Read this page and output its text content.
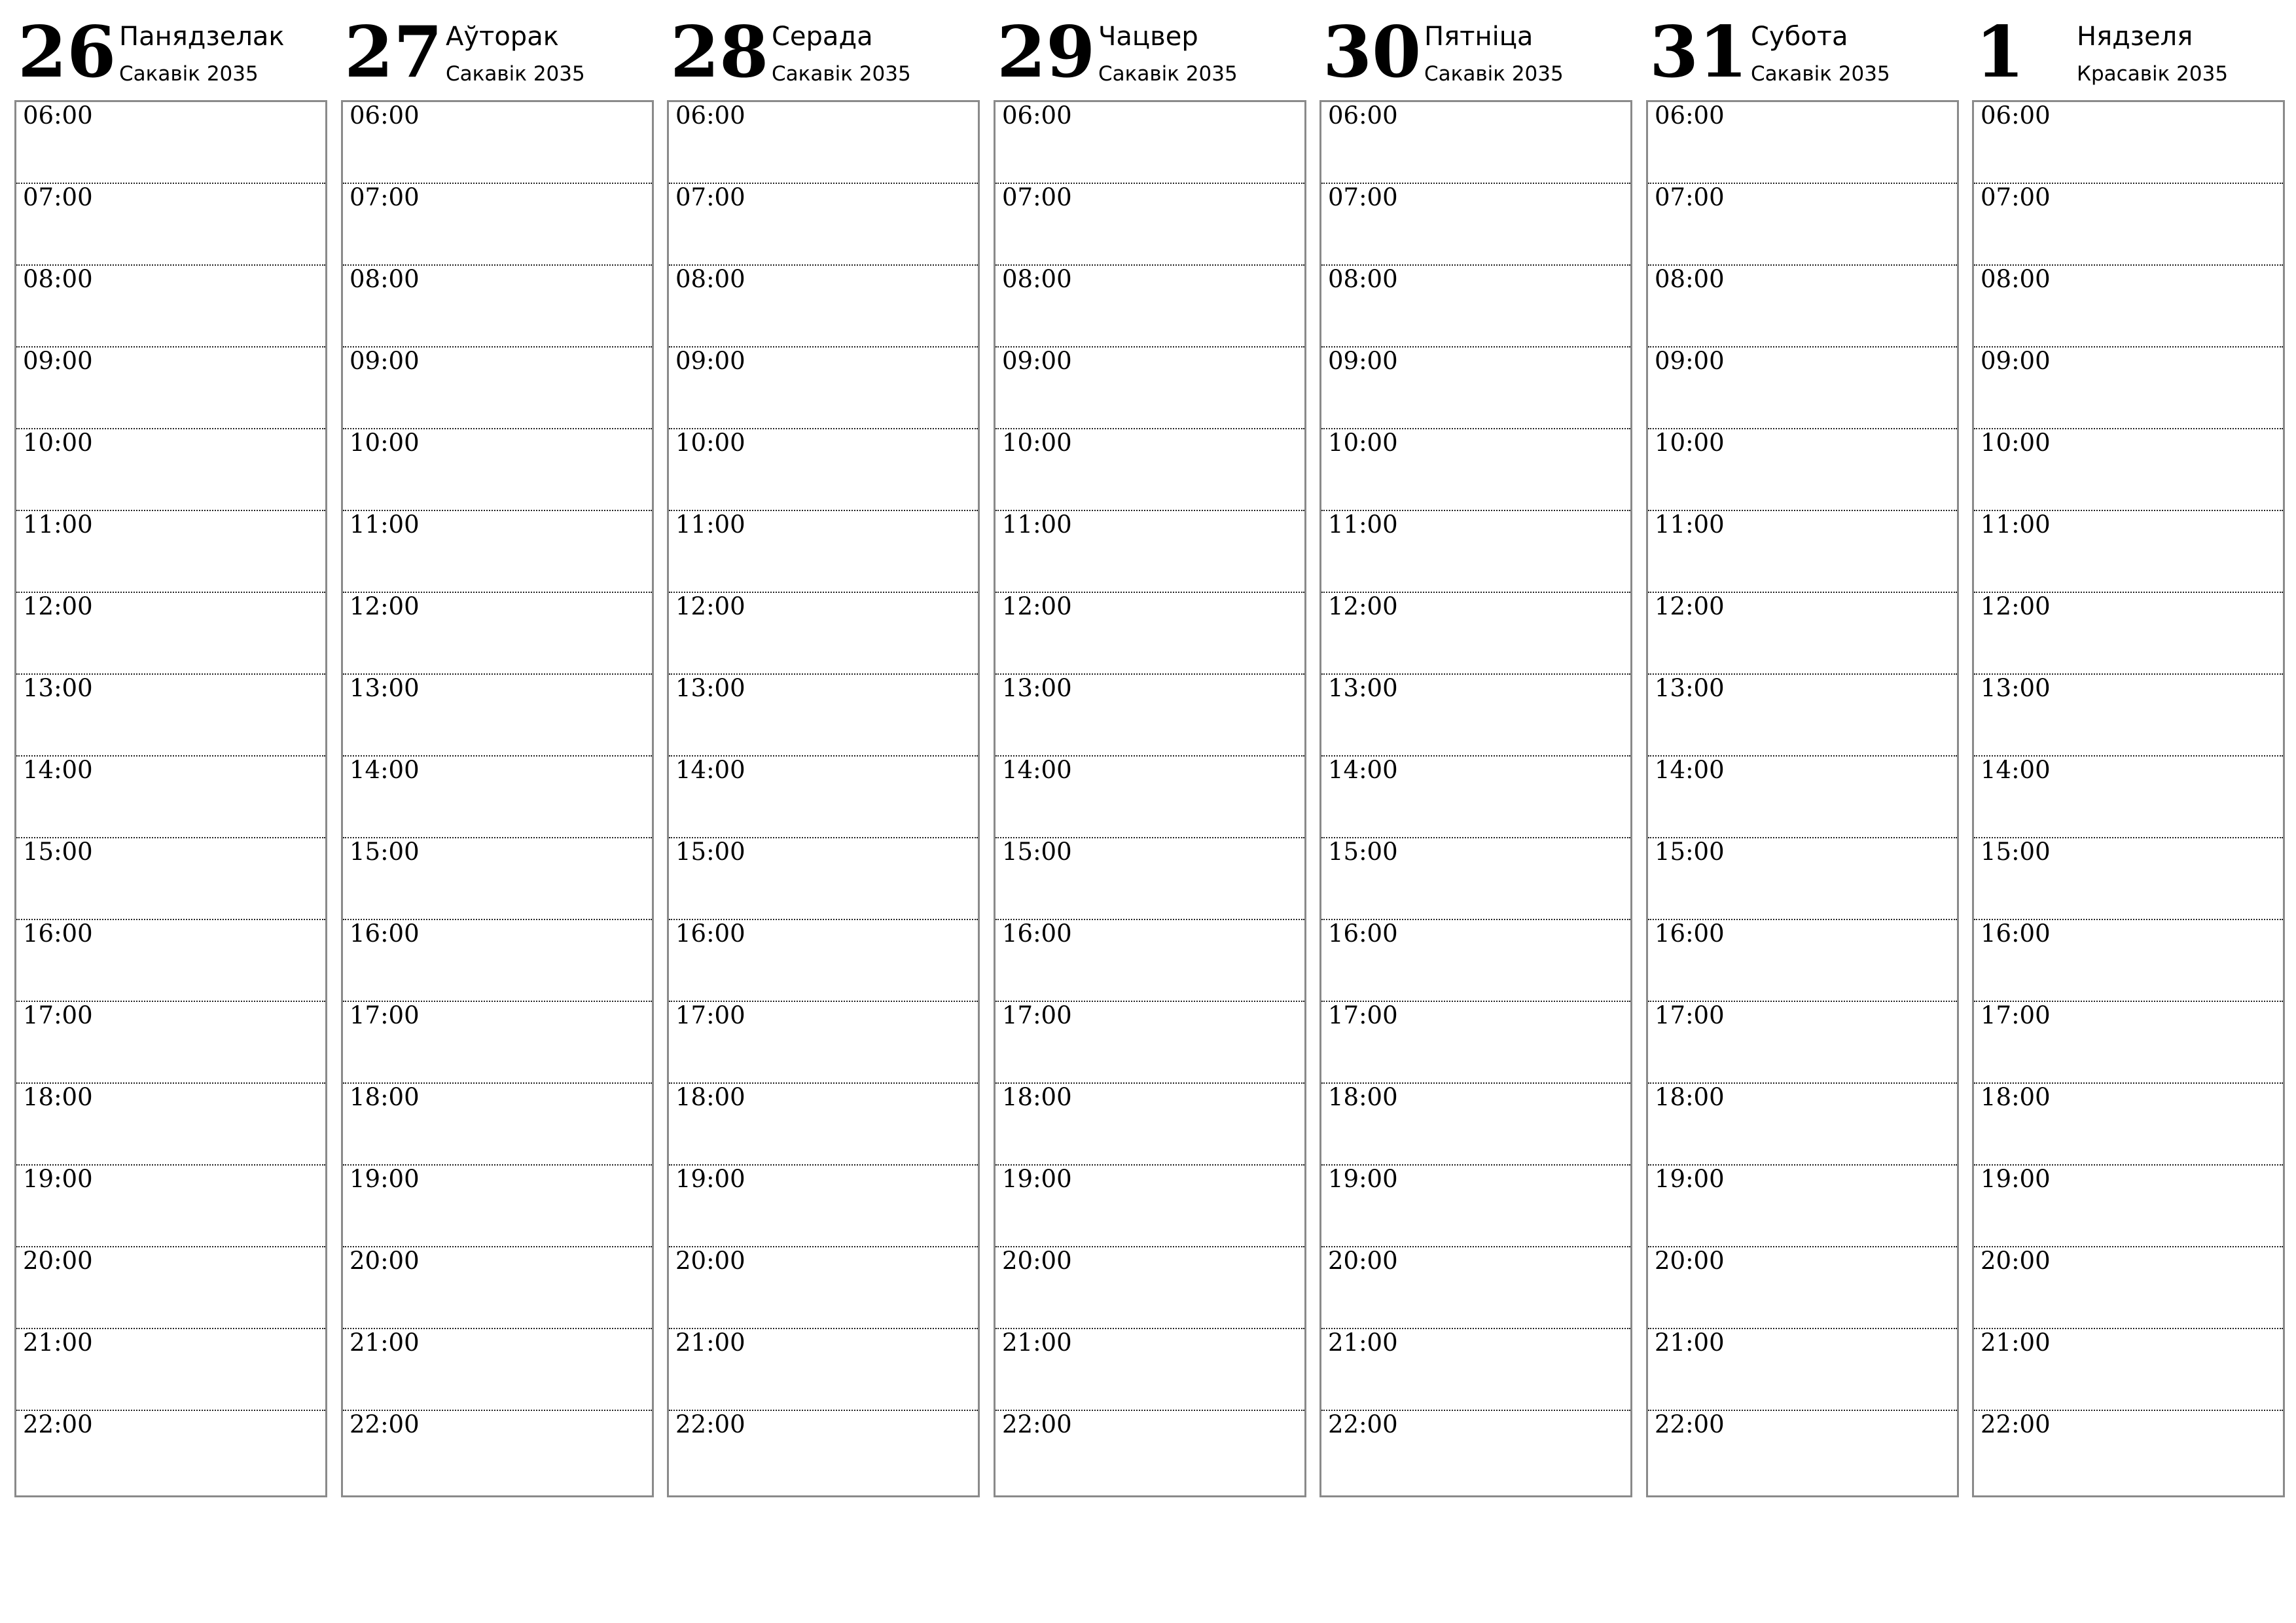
26 Панядзелак
Сакавік 2035
06:00
07:00
08:00
09:00
10:00
11:00
12:00
13:00
14:00
15:00
16:00
17:00
18:00
19:00
20:00
21:00
22:00
27 Аўторак
Сакавік 2035
06:00
07:00
08:00
09:00
10:00
11:00
12:00
13:00
14:00
15:00
16:00
17:00
18:00
19:00
20:00
21:00
22:00
28 Серада
Сакавік 2035
06:00
07:00
08:00
09:00
10:00
11:00
12:00
13:00
14:00
15:00
16:00
17:00
18:00
19:00
20:00
21:00
22:00
29 Чацвер
Сакавік 2035
06:00
07:00
08:00
09:00
10:00
11:00
12:00
13:00
14:00
15:00
16:00
17:00
18:00
19:00
20:00
21:00
22:00
30 Пятніца
Сакавік 2035
06:00
07:00
08:00
09:00
10:00
11:00
12:00
13:00
14:00
15:00
16:00
17:00
18:00
19:00
20:00
21:00
22:00
31 Субота
Сакавік 2035
06:00
07:00
08:00
09:00
10:00
11:00
12:00
13:00
14:00
15:00
16:00
17:00
18:00
19:00
20:00
21:00
22:00
1 Нядзеля
Красавік 2035
06:00
07:00
08:00
09:00
10:00
11:00
12:00
13:00
14:00
15:00
16:00
17:00
18:00
19:00
20:00
21:00
22:00
